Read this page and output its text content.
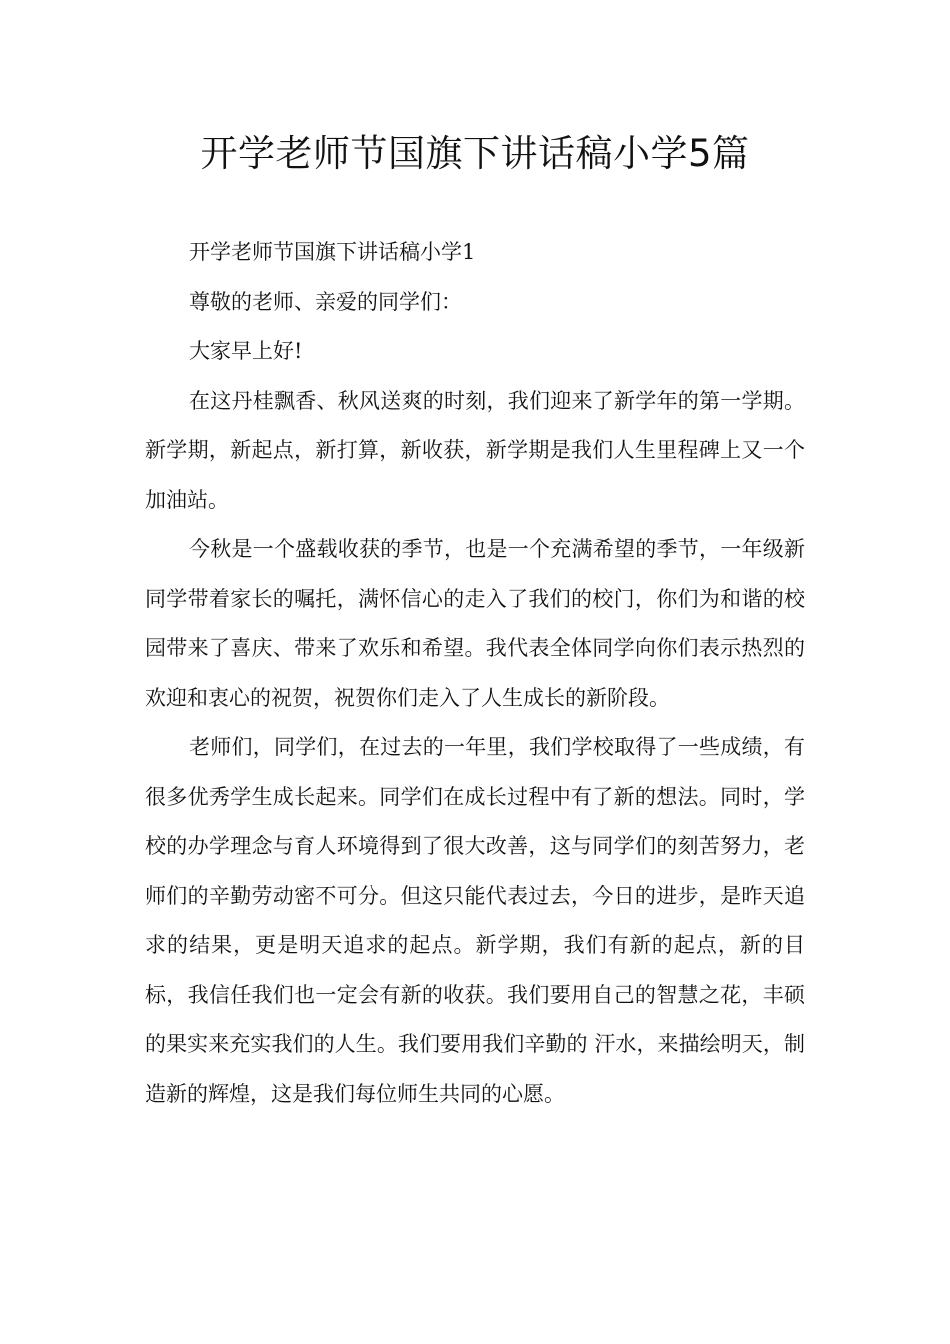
开学老师节国旗下讲话稿小学5篇

开学老师节国旗下讲话稿小学1

尊敬的老师、亲爱的同学们：

大家早上好!

在这丹桂飘香、秋风送爽的时刻，我们迎来了新学年的第一学期。新学期，新起点，新打算，新收获，新学期是我们人生里程碑上又一个加油站。

今秋是一个盛载收获的季节，也是一个充满希望的季节，一年级新同学带着家长的嘱托，满怀信心的走入了我们的校门，你们为和谐的校园带来了喜庆、带来了欢乐和希望。我代表全体同学向你们表示热烈的欢迎和衷心的祝贺，祝贺你们走入了人生成长的新阶段。

老师们，同学们，在过去的一年里，我们学校取得了一些成绩，有很多优秀学生成长起来。同学们在成长过程中有了新的想法。同时，学校的办学理念与育人环境得到了很大改善，这与同学们的刻苦努力，老师们的辛勤劳动密不可分。但这只能代表过去，今日的进步，是昨天追求的结果，更是明天追求的起点。新学期，我们有新的起点，新的目标，我信任我们也一定会有新的收获。我们要用自己的智慧之花，丰硕的果实来充实我们的人生。我们要用我们辛勤的 汗水，来描绘明天，制造新的辉煌，这是我们每位师生共同的心愿。
